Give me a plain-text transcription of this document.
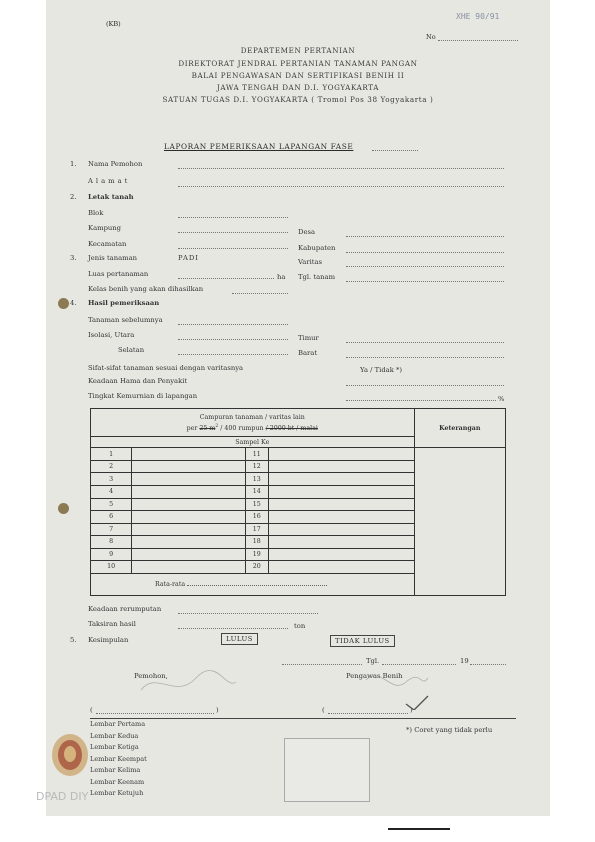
(KB)
XHE 90/91
No
DEPARTEMEN PERTANIAN
DIREKTORAT JENDRAL PERTANIAN TANAMAN PANGAN
BALAI PENGAWASAN DAN SERTIFIKASI BENIH II
JAWA TENGAH DAN D.I. YOGYAKARTA
SATUAN TUGAS D.I. YOGYAKARTA ( Tromol Pos 38 Yogyakarta )
LAPORAN PEMERIKSAAN LAPANGAN FASE
1. Nama Pemohon
Alamat
2. Letak tanah
Blok
Kampung	Desa
Kecamatan	Kabupaten
3. Jenis tanaman	PADI	Varitas
Luas pertanaman	ha Tgl. tanam
Kelas benih yang akan dihasilkan
4. Hasil pemeriksaan
Tanaman sebelumnya
Isolasi, Utara	Timur
Selatan	Barat
Sifat-sifat tanaman sesuai dengan varitasnya	Ya / Tidak *)
Keadaan Hama dan Penyakit
Tingkat Kemurnian di lapangan	%
Campuran tanaman / varitas lain
per 25 $m^2 / 400$ rumpun / 2000 bt / malai				Keterangan
Sampel Ke				
1		11		
2		12		
3		13		
4		14		
5		15		
6		16		
7		17		
8		18		
9		19		
10		20		
Rata-rata				
Keadaan rerumputan
Taksiran hasil	ton
5. Kesimpulan	LULUS	TIDAK LULUS
Tgl.	19
Pemohon,	Pengawas Benih
(	)	(	)
*) Coret yang tidak perlu
Lembar Pertama
Lembar Kedua
Lembar Ketiga
Lembar Keempat
Lembar Kelima
Lembar Keenam
Lembar Ketujuh
DPAD DIY
